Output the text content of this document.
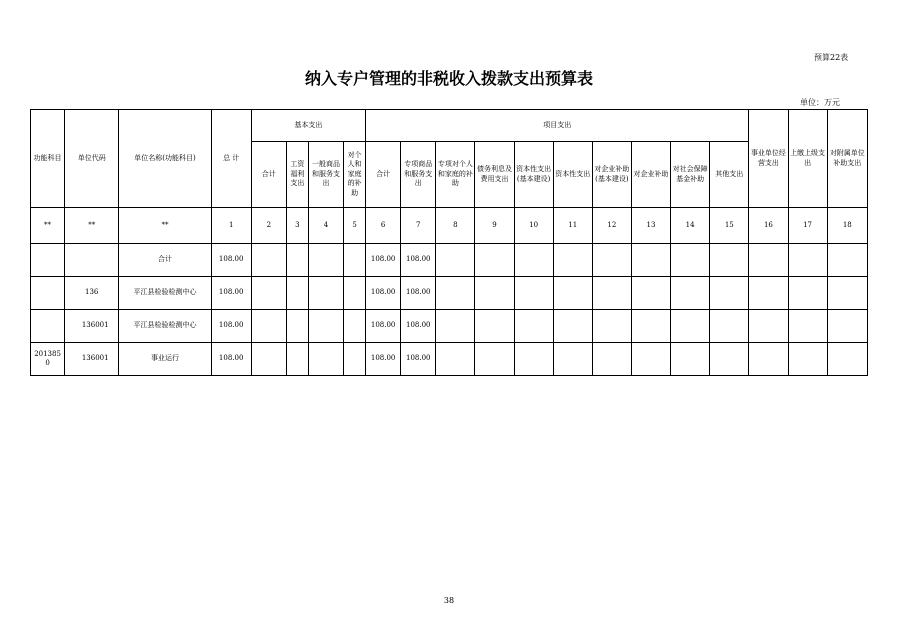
预算22表
纳入专户管理的非税收入拨款支出预算表
单位：万元
功能科目	单位代码	单位名称(功能科目)	总 计	基本支出				项目支出										事业单位经营支出	上缴上级支出	对附属单位补助支出
				合计	工资福利支出	一般商品和服务支出	对个人和家庭的补助	合计	专项商品和服务支出	专项对个人和家庭的补助	债务利息及费用支出	资本性支出(基本建设)	资本性支出	对企业补助(基本建设)	对企业补助	对社会保障基金补助	其他支出			
**	**	**	1	2	3	4	5	6	7	8	9	10	11	12	13	14	15	16	17	18
		合计	108.00					108.00	108.00											
	136	平江县检验检测中心	108.00					108.00	108.00											
	136001	平江县检验检测中心	108.00					108.00	108.00											
2013850	136001	事业运行	108.00					108.00	108.00											
38
